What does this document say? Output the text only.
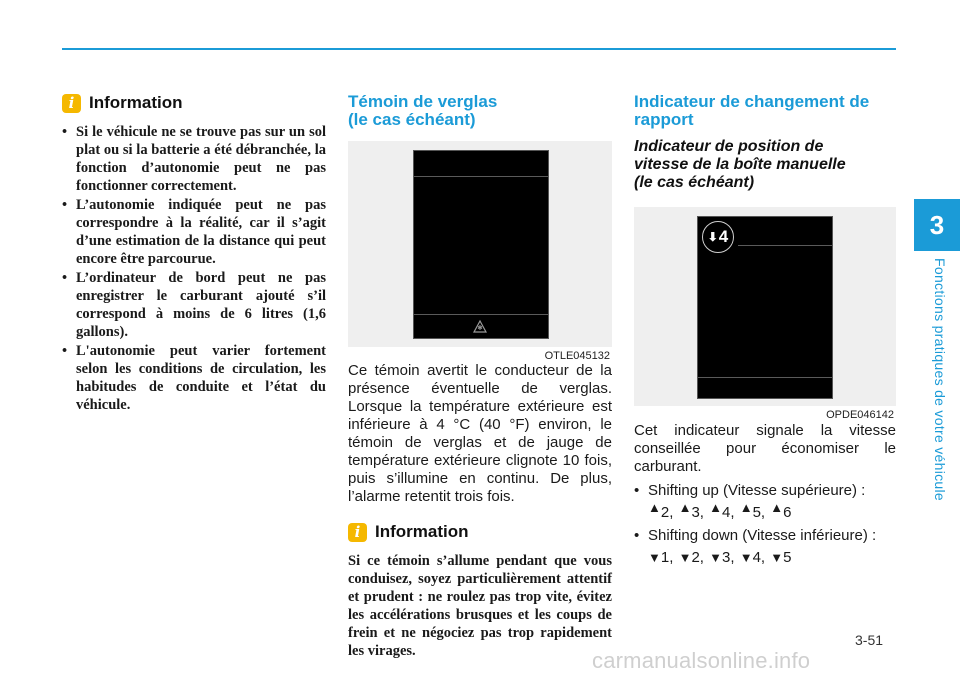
3
Fonctions pratiques de votre véhicule
i Information
• Si le véhicule ne se trouve pas sur un sol plat ou si la batterie a été débranchée, la fonction d’autonomie peut ne pas fonctionner correctement.
• L’autonomie indiquée peut ne pas correspondre à la réalité, car il s’agit d’une estimation de la distance qui peut encore être parcourue.
• L’ordinateur de bord peut ne pas enregistrer le carburant ajouté s’il correspond à moins de 6 litres (1,6 gallons).
• L'autonomie peut varier fortement selon les conditions de circulation, les habitudes de conduite et l’état du véhicule.

Témoin de verglas
(le cas échéant)

OTLE045132
Ce témoin avertit le conducteur de la présence éventuelle de verglas. Lorsque la température extérieure est inférieure à 4 °C (40 °F) environ, le témoin de verglas et de jauge de température extérieure clignote 10 fois, puis s’illumine en continu. De plus, l’alarme retentit trois fois.
i Information
Si ce témoin s’allume pendant que vous conduisez, soyez particulièrement attentif et prudent : ne roulez pas trop vite, évitez les accélérations brusques et les coups de frein et ne négociez pas trop rapidement les virages.

Indicateur de changement de
rapport

Indicateur de position de
vitesse de la boîte manuelle
(le cas échéant)

⬇ 4
OPDE046142
Cet indicateur signale la vitesse conseillée pour économiser le carburant.
• Shifting up (Vitesse supérieure) :
▲2, ▲3, ▲4, ▲5, ▲6
• Shifting down (Vitesse inférieure) :
▼1, ▼2, ▼3, ▼4, ▼5
3-51
carmanualsonline.info
